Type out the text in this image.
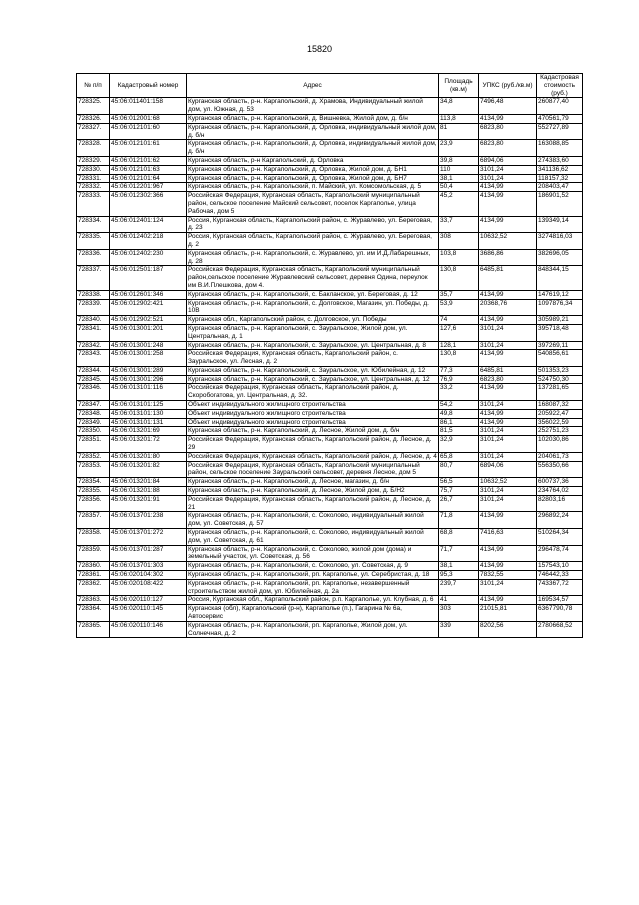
15820
№ п/п	Кадастровый номер	Адрес	Площадь (кв.м)	УПКС (руб./кв.м)	Кадастровая стоимость (руб.)
728325.	45:06:011401:158	Курганская область, р-н. Каргапольский, д. Храмова, Индивидуальный жилой дом, ул. Южная, д. 53	34,8	7496,48	260877,40
728326.	45:06:012001:68	Курганская область, р-н. Каргапольский, д. Вишневка, Жилой дом, д. б/н	113,8	4134,99	470561,79
728327.	45:06:012101:60	Курганская область, р-н. Каргапольский, д. Орловка, индивидуальный жилой дом, д. б/н	81	6823,80	552727,89
728328.	45:06:012101:61	Курганская область, р-н. Каргапольский, д. Орловка, индивидуальный жилой дом, д. б/н	23,9	6823,80	163088,85
728329.	45:06:012101:62	Курганская область, р-н Каргапольский, д. Орловка	39,8	6894,06	274383,60
728330.	45:06:012101:63	Курганская область, р-н. Каргапольский, д. Орловка, Жилой дом, д. БН1	110	3101,24	341136,62
728331.	45:06:012101:64	Курганская область, р-н. Каргапольский, д. Орловка, Жилой дом, д. БН7	38,1	3101,24	118157,32
728332.	45:06:012201:967	Курганская область, р-н. Каргапольский, п. Майский, ул. Комсомольская, д. 5	50,4	4134,99	208403,47
728333.	45:06:012302:366	Российская Федерация, Курганская область, Каргапольский муниципальный район, сельское поселение Майский сельсовет, поселок Каргаполье, улица Рабочая, дом 5	45,2	4134,99	186901,52
728334.	45:06:012401:124	Россия, Курганская область, Каргапольский район, с. Журавлево, ул. Береговая, д. 23	33,7	4134,99	139349,14
728335.	45:06:012402:218	Россия, Курганская область, Каргапольский район, с. Журавлево, ул. Береговая, д. 2	308	10632,52	3274816,03
728336.	45:06:012402:230	Курганская область, р-н. Каргапольский, с. Журавлево, ул. им И.Д.Лабарешных, д. 28	103,8	3686,86	382696,05
728337.	45:06:012501:187	Российская Федерация, Курганская область, Каргапольский муниципальный район,сельское поселение Журавлевский сельсовет, деревня Одина, переулок им В.И.Плешкова, дом 4.	130,8	6485,81	848344,15
728338.	45:06:012601:346	Курганская область, р-н. Каргапольский, с. Бакланское, ул. Береговая, д. 12	35,7	4134,99	147619,12
728339.	45:06:012902:421	Курганская область, р-н. Каргапольский, с. Долговское, Магазин, ул. Победы, д. 10В	53,9	20368,76	1097876,34
728340.	45:06:012902:521	Курганская обл., Каргапольский район, с. Долговское, ул. Победы	74	4134,99	305989,21
728341.	45:06:013001:201	Курганская область, р-н. Каргапольский, с. Зауральское, Жилой дом, ул. Центральная, д. 1	127,6	3101,24	395718,48
728342.	45:06:013001:248	Курганская область, р-н. Каргапольский, с. Зауральское, ул. Центральная, д. 8	128,1	3101,24	397269,11
728343.	45:06:013001:258	Российская Федерация, Курганская область, Каргапольский район, с. Зауральское, ул. Лесная, д. 2	130,8	4134,99	540856,61
728344.	45:06:013001:289	Курганская область, р-н. Каргапольский, с. Зауральское, ул. Юбилейная, д. 12	77,3	6485,81	501353,23
728345.	45:06:013001:296	Курганская область, р-н. Каргапольский, с. Зауральское, ул. Центральная, д. 12	76,9	6823,80	524750,30
728346.	45:06:013101:116	Российская Федерация, Курганская область, Каргапольский район, д. Скоробогатова, ул. Центральная, д. 32.	33,2	4134,99	137281,65
728347.	45:06:013101:125	Объект индивидуального жилищного строительства	54,2	3101,24	168087,32
728348.	45:06:013101:130	Объект индивидуального жилищного строительства	49,8	4134,99	205922,47
728349.	45:06:013101:131	Объект индивидуального жилищного строительства	86,1	4134,99	356022,59
728350.	45:06:013201:69	Курганская область, р-н. Каргапольский, д. Лесное, Жилой дом, д. б/н	81,5	3101,24	252751,23
728351.	45:06:013201:72	Российская Федерация, Курганская область, Каргапольский район, д. Лесное, д. 29	32,9	3101,24	102030,86
728352.	45:06:013201:80	Российская Федерация, Курганская область, Каргапольский район, д. Лесное, д. 4	65,8	3101,24	204061,73
728353.	45:06:013201:82	Российская Федерация, Курганская область, Каргапольский муниципальный район, сельское поселение Зауральский сельсовет, деревня Лесное, дом 5	80,7	6894,06	556350,66
728354.	45:06:013201:84	Курганская область, р-н. Каргапольский, д. Лесное, магазин, д. б/н	56,5	10632,52	600737,36
728355.	45:06:013201:88	Курганская область, р-н. Каргапольский, д. Лесное, Жилой дом, д. Б/Н2	75,7	3101,24	234764,02
728356.	45:06:013201:91	Российская Федерация, Курганская область, Каргапольский район, д. Лесное, д. 21	26,7	3101,24	82803,16
728357.	45:06:013701:238	Курганская область, р-н. Каргапольский, с. Соколово, индивидуальный жилой дом, ул. Советская, д. 57	71,8	4134,99	296892,24
728358.	45:06:013701:272	Курганская область, р-н. Каргапольский, с. Соколово, индивидуальный жилой дом, ул. Советская, д. 61	68,8	7416,63	510264,34
728359.	45:06:013701:287	Курганская область, р-н. Каргапольский, с. Соколово, жилой дом (дома) и земельный участок, ул. Советская, д. 56	71,7	4134,99	296478,74
728360.	45:06:013701:303	Курганская область, р-н. Каргапольский, с. Соколово, ул. Советская, д. 9	38,1	4134,99	157543,10
728361.	45:06:020104:302	Курганская область, р-н. Каргапольский, рп. Каргаполье, ул. Серебристая, д. 18	95,3	7832,55	746442,33
728362.	45:06:020108:422	Курганская область, р-н. Каргапольский, рп. Каргаполье, незавершенный строительством жилой дом, ул. Юбилейная, д. 2а	239,7	3101,24	743367,72
728363.	45:06:020110:127	Россия, Курганская обл., Каргапольский район, р.п. Каргаполье, ул. Клубная, д. 6	41	4134,99	169534,57
728364.	45:06:020110:145	Курганская (обл), Каргапольский (р-н), Каргаполье (п.), Гагарина № 6а, Автосервис	303	21015,81	6367790,78
728365.	45:06:020110:146	Курганская область, р-н. Каргапольский, рп. Каргаполье, Жилой дом, ул. Солнечная, д. 2	339	8202,56	2780668,52
